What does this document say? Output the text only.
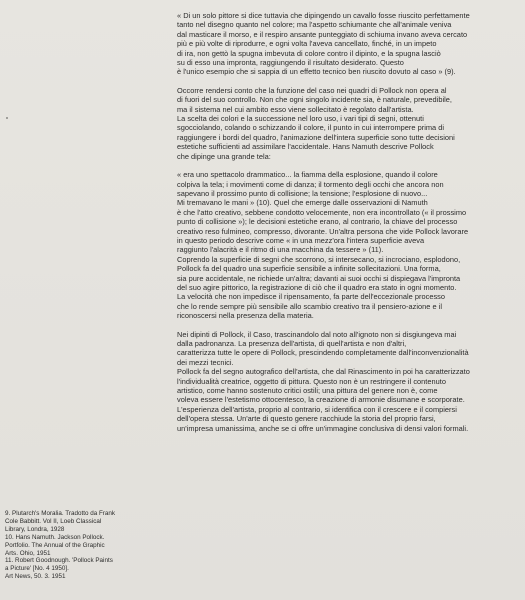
« Di un solo pittore si dice tuttavia che dipingendo un cavallo fosse riuscito perfettamente
tanto nel disegno quanto nel colore; ma l'aspetto schiumante che all'animale veniva
dal masticare il morso, e il respiro ansante punteggiato di schiuma invano aveva cercato
più e più volte di riprodurre, e ogni volta l'aveva cancellato, finché, in un impeto
di ira, non gettò la spugna imbevuta di colore contro il dipinto, e la spugna lasciò
su di esso una impronta, raggiungendo il risultato desiderato. Questo
è l'unico esempio che si sappia di un effetto tecnico ben riuscito dovuto al caso » (9).

Occorre rendersi conto che la funzione del caso nei quadri di Pollock non opera al
di fuori del suo controllo. Non che ogni singolo incidente sia, è naturale, prevedibile,
ma il sistema nel cui ambito esso viene sollecitato è regolato dall'artista.
La scelta dei colori e la successione nel loro uso, i vari tipi di segni, ottenuti
sgocciolando, colando o schizzando il colore, il punto in cui interrompere prima di
raggiungere i bordi del quadro, l'animazione dell'intera superficie sono tutte decisioni
estetiche sufficienti ad assimilare l'accidentale. Hans Namuth descrive Pollock
che dipinge una grande tela:

« era uno spettacolo drammatico... la fiamma della esplosione, quando il colore
colpiva la tela; i movimenti come di danza; il tormento degli occhi che ancora non
sapevano il prossimo punto di collisione; la tensione; l'esplosione di nuovo...
Mi tremavano le mani » (10). Quel che emerge dalle osservazioni di Namuth
è che l'atto creativo, sebbene condotto velocemente, non era incontrollato (« il prossimo
punto di collisione »); le decisioni estetiche erano, al contrario, la chiave del processo
creativo reso fulmineo, compresso, divorante. Un'altra persona che vide Pollock lavorare
in questo periodo descrive come « in una mezz'ora l'intera superficie aveva
raggiunto l'alacrità e il ritmo di una macchina da tessere » (11).
Coprendo la superficie di segni che scorrono, si intersecano, si incrociano, esplodono,
Pollock fa del quadro una superficie sensibile a infinite sollecitazioni. Una forma,
sia pure accidentale, ne richiede un'altra; davanti ai suoi occhi si dispiegava l'impronta
del suo agire pittorico, la registrazione di ciò che il quadro era stato in ogni momento.
La velocità che non impedisce il ripensamento, fa parte dell'eccezionale processo
che lo rende sempre più sensibile allo scambio creativo tra il pensiero-azione e il
riconoscersi nella presenza della materia.

Nei dipinti di Pollock, il Caso, trascinandolo dal noto all'ignoto non si disgiungeva mai
dalla padronanza. La presenza dell'artista, di quell'artista e non d'altri,
caratterizza tutte le opere di Pollock, prescindendo completamente dall'inconvenzionalità
dei mezzi tecnici.
Pollock fa del segno autografico dell'artista, che dal Rinascimento in poi ha caratterizzato
l'individualità creatrice, oggetto di pittura. Questo non è un restringere il contenuto
artistico, come hanno sostenuto critici ostili; una pittura del genere non è, come
voleva essere l'estetismo ottocentesco, la creazione di armonie disumane e scorporate.
L'esperienza dell'artista, proprio al contrario, si identifica con il crescere e il compiersi
dell'opera stessa. Un'arte di questo genere racchiude la storia del proprio farsi,
un'impresa umanissima, anche se ci offre un'immagine conclusiva di densi valori formali.

9. Plutarch's Moralia. Tradotto da Frank
Cole Babbitt. Vol II, Loeb Classical
Library, Londra, 1928

10. Hans Namuth. Jackson Pollock.
Portfolio. The Annual of the Graphic
Arts. Ohio, 1951

11. Robert Goodnough. 'Pollock Paints
a Picture' [No. 4 1950].
Art News, 50. 3. 1951
